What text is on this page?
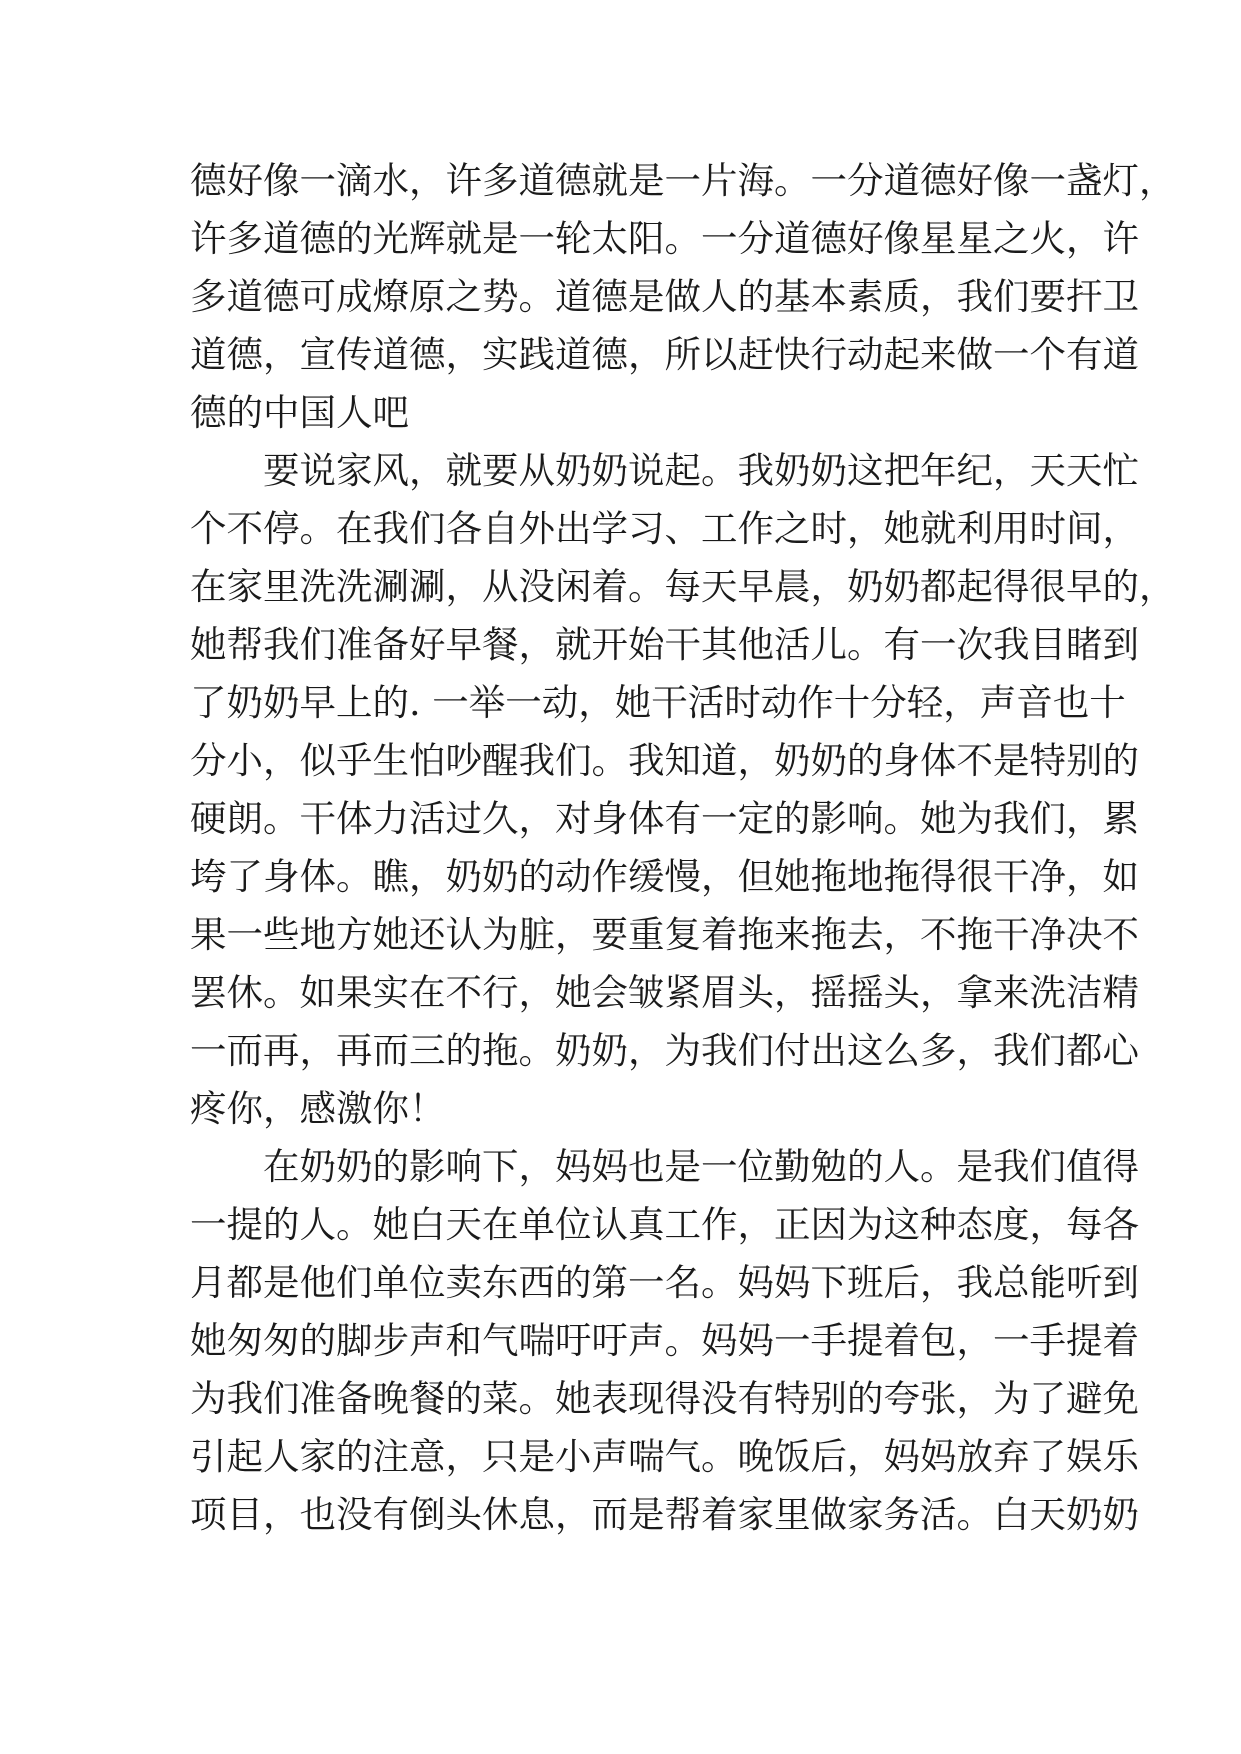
德好像一滴水，许多道德就是一片海。一分道德好像一盏灯，
许多道德的光辉就是一轮太阳。一分道德好像星星之火，许
多道德可成燎原之势。道德是做人的基本素质，我们要扞卫
道德，宣传道德，实践道德，所以赶快行动起来做一个有道
德的中国人吧
要说家风，就要从奶奶说起。我奶奶这把年纪，天天忙
个不停。在我们各自外出学习、工作之时，她就利用时间，
在家里洗洗涮涮，从没闲着。每天早晨，奶奶都起得很早的，
她帮我们准备好早餐，就开始干其他活儿。有一次我目睹到
了奶奶早上的. 一举一动，她干活时动作十分轻，声音也十
分小，似乎生怕吵醒我们。我知道，奶奶的身体不是特别的
硬朗。干体力活过久，对身体有一定的影响。她为我们，累
垮了身体。瞧，奶奶的动作缓慢，但她拖地拖得很干净，如
果一些地方她还认为脏，要重复着拖来拖去，不拖干净决不
罢休。如果实在不行，她会皱紧眉头，摇摇头，拿来洗洁精
一而再，再而三的拖。奶奶，为我们付出这么多，我们都心
疼你，感激你！
在奶奶的影响下，妈妈也是一位勤勉的人。是我们值得
一提的人。她白天在单位认真工作，正因为这种态度，每各
月都是他们单位卖东西的第一名。妈妈下班后，我总能听到
她匆匆的脚步声和气喘吁吁声。妈妈一手提着包，一手提着
为我们准备晚餐的菜。她表现得没有特别的夸张，为了避免
引起人家的注意，只是小声喘气。晚饭后，妈妈放弃了娱乐
项目，也没有倒头休息，而是帮着家里做家务活。白天奶奶
